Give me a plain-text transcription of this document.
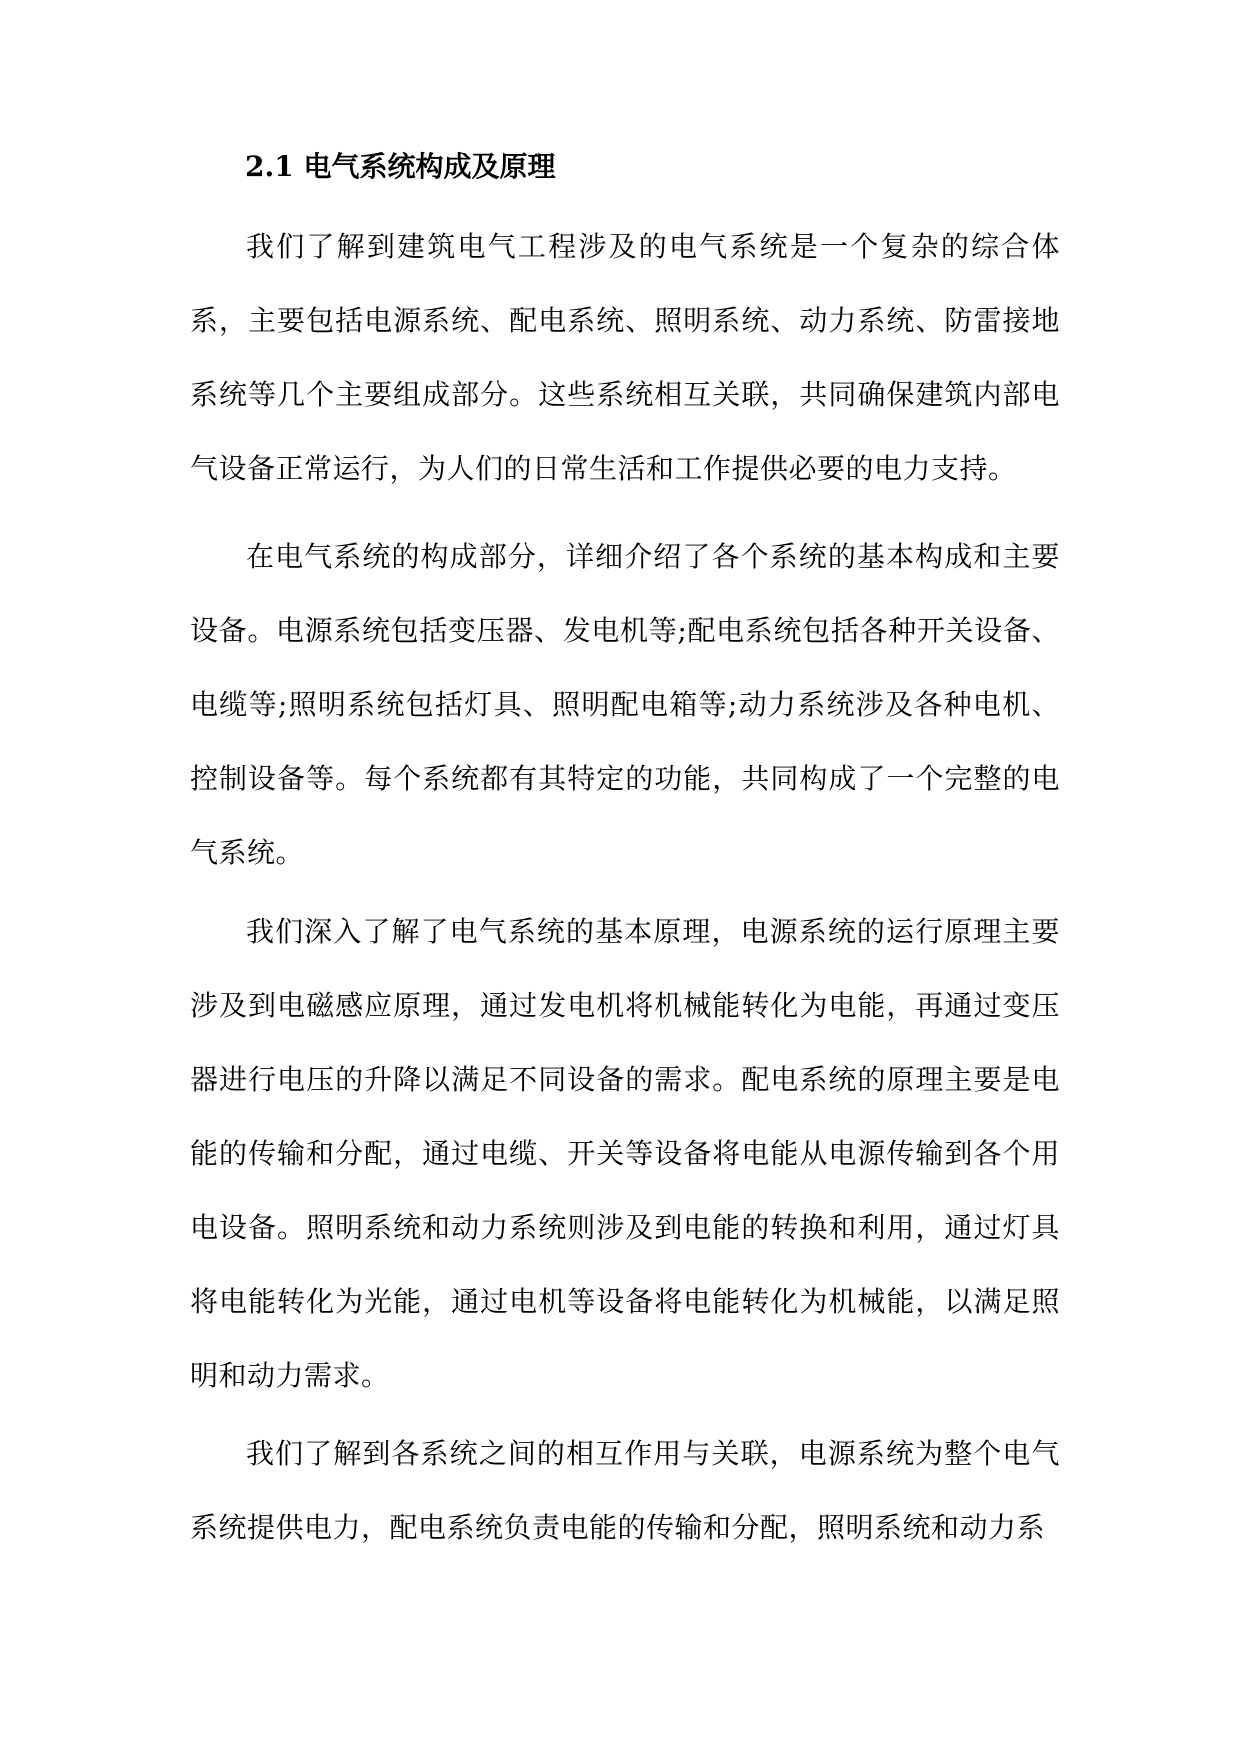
2.1 电气系统构成及原理

我们了解到建筑电气工程涉及的电气系统是一个复杂的综合体系，主要包括电源系统、配电系统、照明系统、动力系统、防雷接地系统等几个主要组成部分。这些系统相互关联，共同确保建筑内部电气设备正常运行，为人们的日常生活和工作提供必要的电力支持。

在电气系统的构成部分，详细介绍了各个系统的基本构成和主要设备。电源系统包括变压器、发电机等;配电系统包括各种开关设备、电缆等;照明系统包括灯具、照明配电箱等;动力系统涉及各种电机、控制设备等。每个系统都有其特定的功能，共同构成了一个完整的电气系统。

我们深入了解了电气系统的基本原理，电源系统的运行原理主要涉及到电磁感应原理，通过发电机将机械能转化为电能，再通过变压器进行电压的升降以满足不同设备的需求。配电系统的原理主要是电能的传输和分配，通过电缆、开关等设备将电能从电源传输到各个用电设备。照明系统和动力系统则涉及到电能的转换和利用，通过灯具将电能转化为光能，通过电机等设备将电能转化为机械能，以满足照明和动力需求。

我们了解到各系统之间的相互作用与关联，电源系统为整个电气系统提供电力，配电系统负责电能的传输和分配，照明系统和动力系
